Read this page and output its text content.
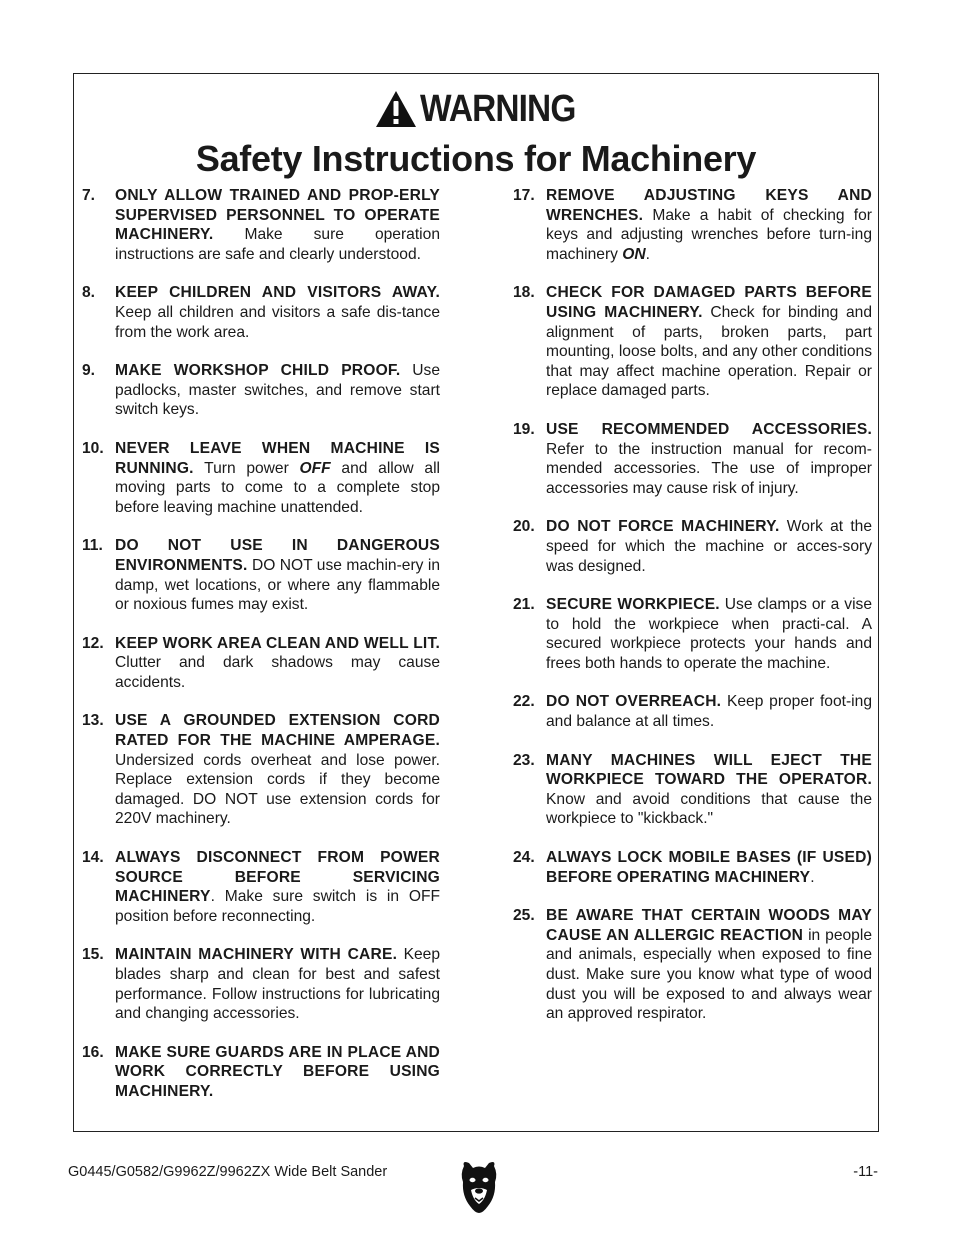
WARNING
Safety Instructions for Machinery
7.	ONLY ALLOW TRAINED AND PROP-ERLY SUPERVISED PERSONNEL TO OPERATE MACHINERY. Make sure operation instructions are safe and clearly understood.
8.	KEEP CHILDREN AND VISITORS AWAY. Keep all children and visitors a safe dis-tance from the work area.
9.	MAKE WORKSHOP CHILD PROOF. Use padlocks, master switches, and remove start switch keys.
10. NEVER LEAVE WHEN MACHINE IS RUNNING. Turn power OFF and allow all moving parts to come to a complete stop before leaving machine unattended.
11. DO NOT USE IN DANGEROUS ENVIRONMENTS. DO NOT use machin-ery in damp, wet locations, or where any flammable or noxious fumes may exist.
12. KEEP WORK AREA CLEAN AND WELL LIT. Clutter and dark shadows may cause accidents.
13. USE A GROUNDED EXTENSION CORD RATED FOR THE MACHINE AMPERAGE. Undersized cords overheat and lose power. Replace extension cords if they become damaged. DO NOT use extension cords for 220V machinery.
14. ALWAYS DISCONNECT FROM POWER SOURCE BEFORE SERVICING MACHINERY. Make sure switch is in OFF position before reconnecting.
15. MAINTAIN MACHINERY WITH CARE. Keep blades sharp and clean for best and safest performance. Follow instructions for lubricating and changing accessories.
16. MAKE SURE GUARDS ARE IN PLACE AND WORK CORRECTLY BEFORE USING MACHINERY.
17. REMOVE ADJUSTING KEYS AND WRENCHES. Make a habit of checking for keys and adjusting wrenches before turn-ing machinery ON.
18. CHECK FOR DAMAGED PARTS BEFORE USING MACHINERY. Check for binding and alignment of parts, broken parts, part mounting, loose bolts, and any other conditions that may affect machine operation. Repair or replace damaged parts.
19. USE RECOMMENDED ACCESSORIES. Refer to the instruction manual for recom-mended accessories. The use of improper accessories may cause risk of injury.
20. DO NOT FORCE MACHINERY. Work at the speed for which the machine or acces-sory was designed.
21. SECURE WORKPIECE. Use clamps or a vise to hold the workpiece when practi-cal. A secured workpiece protects your hands and frees both hands to operate the machine.
22. DO NOT OVERREACH. Keep proper foot-ing and balance at all times.
23. MANY MACHINES WILL EJECT THE WORKPIECE TOWARD THE OPERATOR. Know and avoid conditions that cause the workpiece to "kickback."
24. ALWAYS LOCK MOBILE BASES (IF USED) BEFORE OPERATING MACHINERY.
25. BE AWARE THAT CERTAIN WOODS MAY CAUSE AN ALLERGIC REACTION in people and animals, especially when exposed to fine dust. Make sure you know what type of wood dust you will be exposed to and always wear an approved respirator.
G0445/G0582/G9962Z/9962ZX Wide Belt Sander	-11-
